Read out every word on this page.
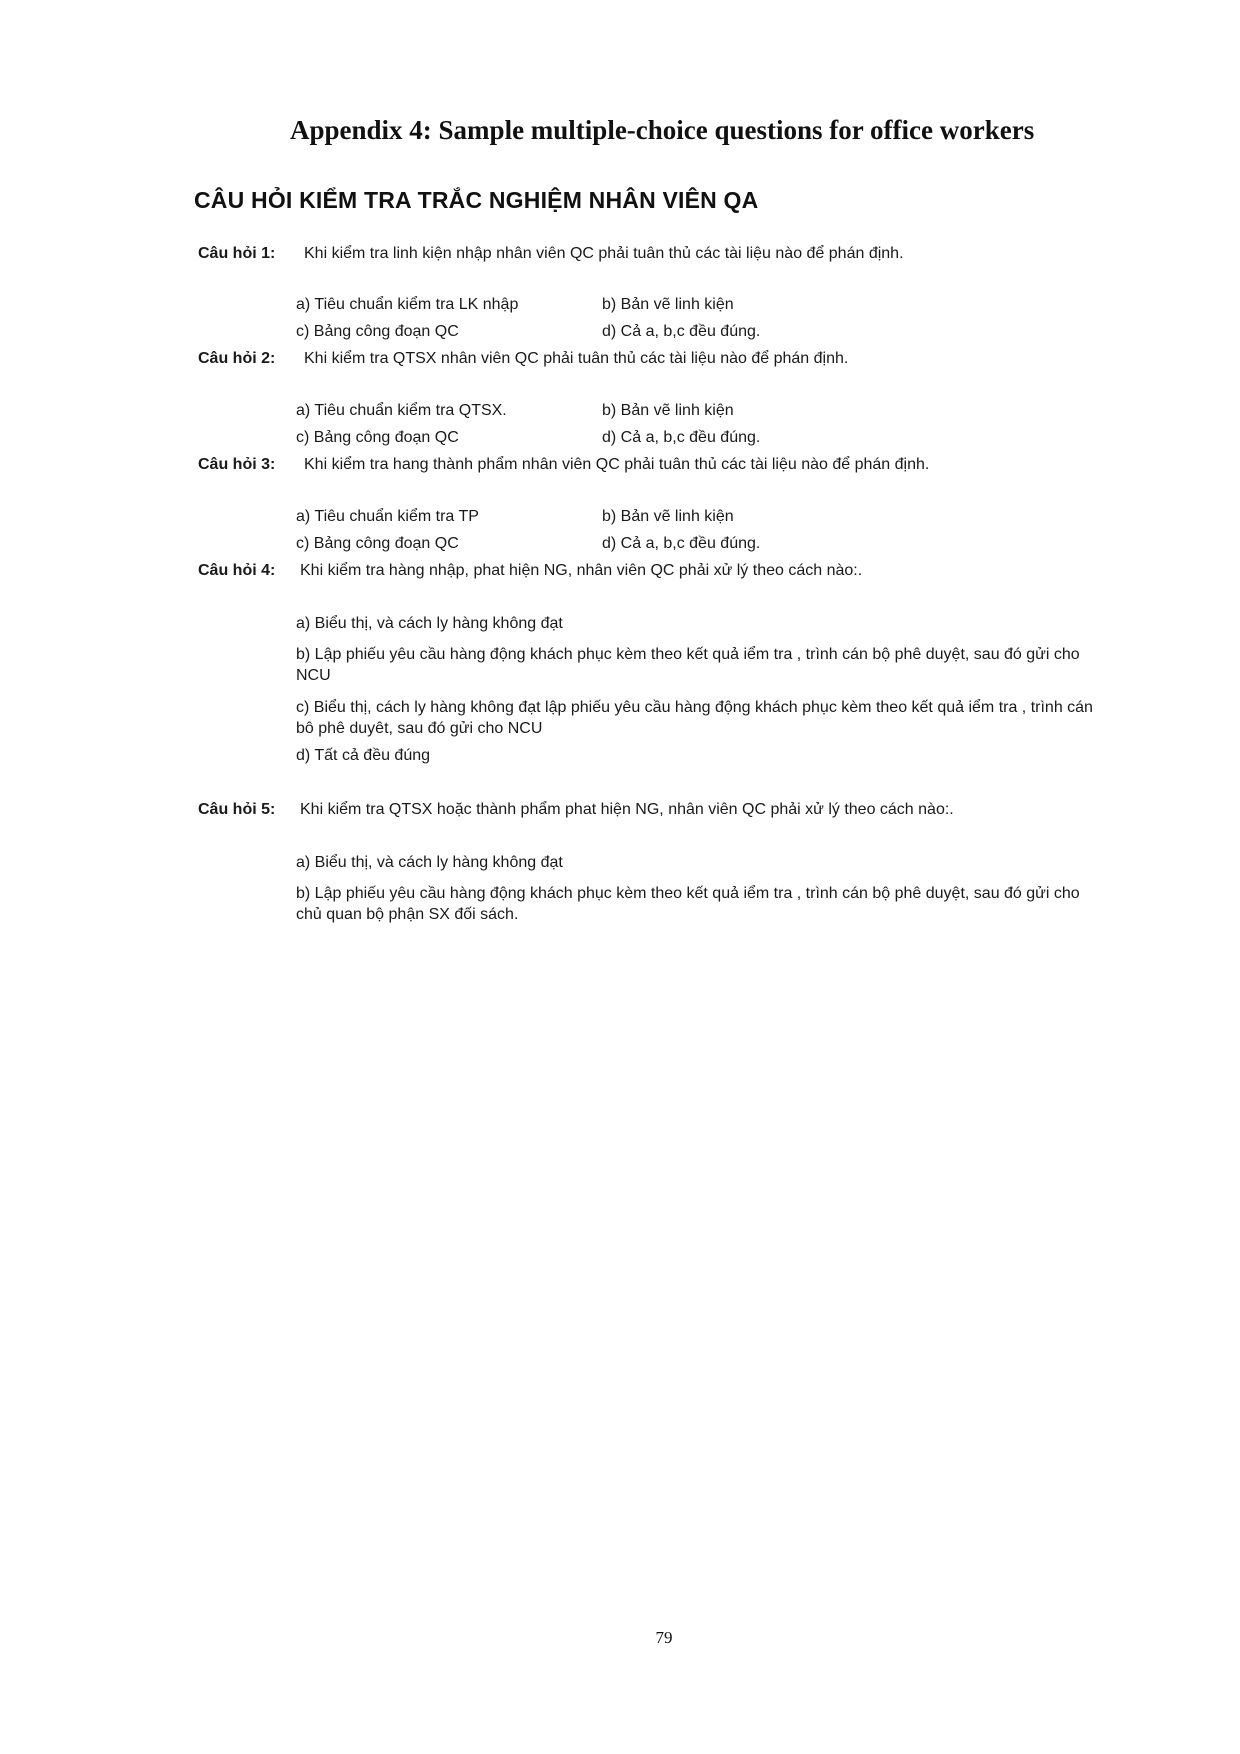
Appendix 4: Sample multiple-choice questions for office workers
CÂU HỎI KIỂM TRA TRẮC NGHIỆM NHÂN VIÊN QA
Câu hỏi 1: Khi kiểm tra linh kiện nhập nhân viên QC phải tuân thủ các tài liệu nào để phán định.
a) Tiêu chuẩn kiểm tra LK nhập	b) Bản vẽ linh kiện
c) Bảng công đoạn QC	d) Cả a, b,c đều đúng.
Câu hỏi 2: Khi kiểm tra QTSX nhân viên QC phải tuân thủ các tài liệu nào để phán định.
a) Tiêu chuẩn kiểm tra QTSX.	b) Bản vẽ linh kiện
c) Bảng công đoạn QC	d) Cả a, b,c đều đúng.
Câu hỏi 3: Khi kiểm tra hang thành phẩm nhân viên QC phải tuân thủ các tài liệu nào để phán định.
a) Tiêu chuẩn kiểm tra TP	b) Bản vẽ linh kiện
c) Bảng công đoạn QC	d) Cả a, b,c đều đúng.
Câu hỏi 4: Khi kiểm tra hàng nhập, phat hiện NG, nhân viên QC phải xử lý theo cách nào:.
a) Biểu thị, và cách ly hàng không đạt
b) Lập phiếu yêu cầu hàng động khách phục kèm theo kết quả iểm tra , trình cán bộ phê duyệt, sau đó gửi cho NCU
c) Biểu thị, cách ly hàng không đạt lập phiếu yêu cầu hàng động khách phục kèm theo kết quả iểm tra , trình cán bô phê duyêt, sau đó gửi cho NCU
d) Tất cả đều đúng
Câu hỏi 5: Khi kiểm tra QTSX hoặc thành phẩm phat hiện NG, nhân viên QC phải xử lý theo cách nào:.
a) Biểu thị, và cách ly hàng không đạt
b) Lập phiếu yêu cầu hàng động khách phục kèm theo kết quả iểm tra , trình cán bộ phê duyệt, sau đó gửi cho chủ quan bộ phận SX đối sách.
79
